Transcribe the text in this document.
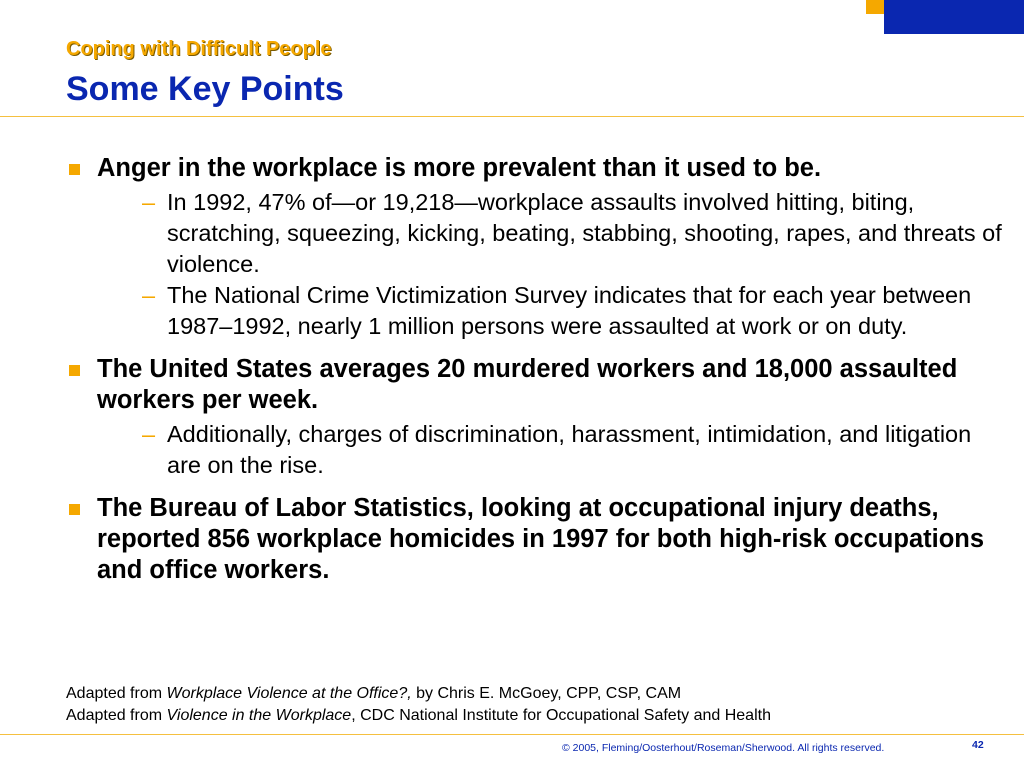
Coping with Difficult People
Some Key Points
Anger in the workplace is more prevalent than it used to be.
– In 1992, 47% of—or 19,218—workplace assaults involved hitting, biting, scratching, squeezing, kicking, beating, stabbing, shooting, rapes, and threats of violence.
– The National Crime Victimization Survey indicates that for each year between 1987–1992, nearly 1 million persons were assaulted at work or on duty.
The United States averages 20 murdered workers and 18,000 assaulted workers per week.
– Additionally, charges of discrimination, harassment, intimidation, and litigation are on the rise.
The Bureau of Labor Statistics, looking at occupational injury deaths, reported 856 workplace homicides in 1997 for both high-risk occupations and office workers.
Adapted from Workplace Violence at the Office?, by Chris E. McGoey, CPP, CSP, CAM
Adapted from Violence in the Workplace, CDC National Institute for Occupational Safety and Health
© 2005, Fleming/Oosterhout/Roseman/Sherwood. All rights reserved.	42
